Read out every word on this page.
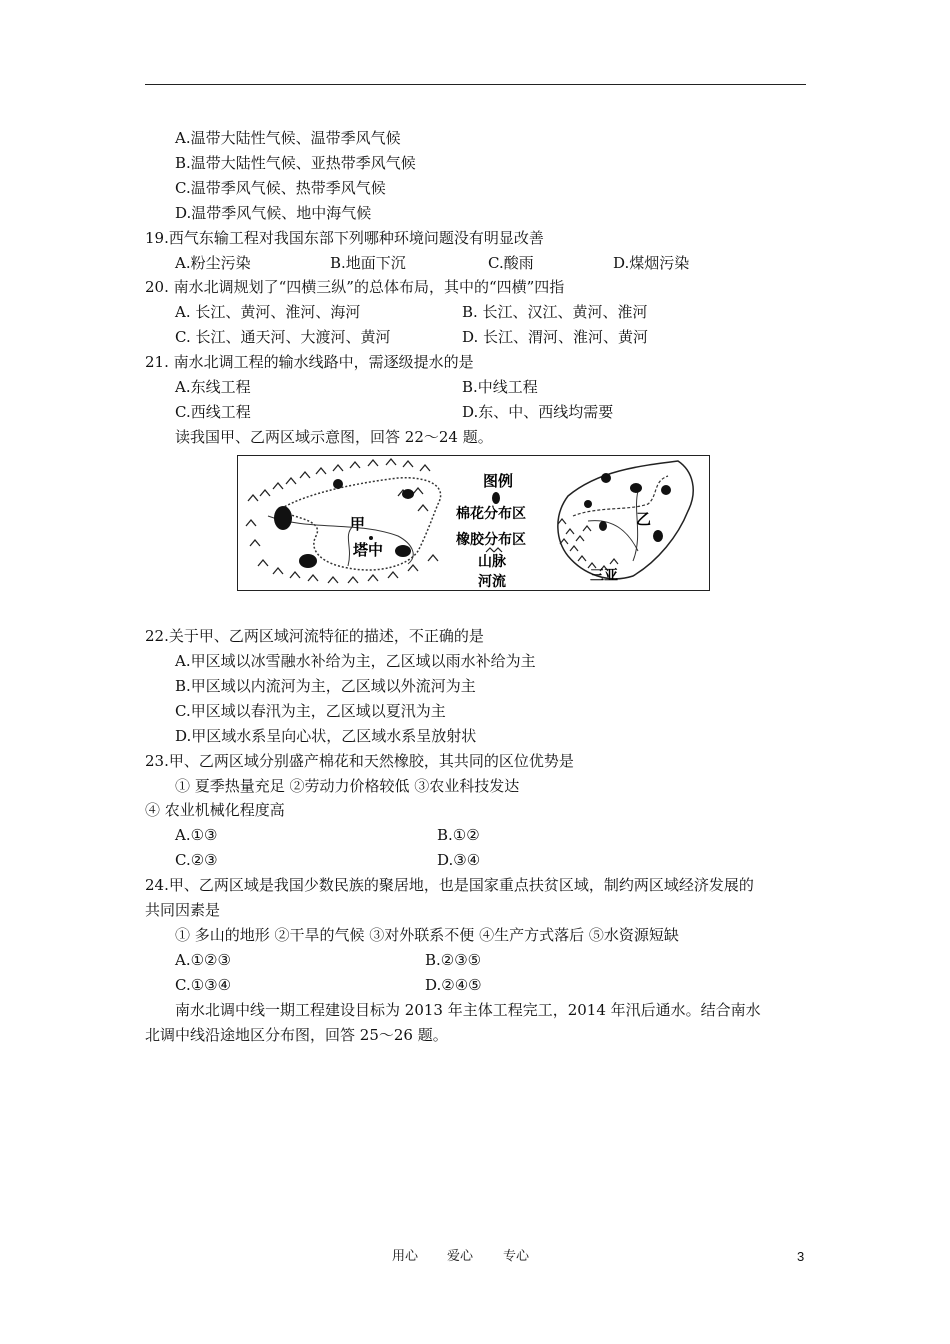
A.温带大陆性气候、温带季风气候
B.温带大陆性气候、亚热带季风气候
C.温带季风气候、热带季风气候
D.温带季风气候、地中海气候
19.西气东输工程对我国东部下列哪种环境问题没有明显改善
A.粉尘污染	B.地面下沉	C.酸雨	D.煤烟污染
20. 南水北调规划了“四横三纵”的总体布局，其中的“四横”四指
A. 长江、黄河、淮河、海河	B. 长江、汉江、黄河、淮河
C. 长江、通天河、大渡河、黄河	D. 长江、渭河、淮河、黄河
21. 南水北调工程的输水线路中，需逐级提水的是
A.东线工程	B.中线工程
C.西线工程	D.东、中、西线均需要
读我国甲、乙两区域示意图，回答 22～24 题。
甲
塔中
图例
棉花分布区
橡胶分布区
山脉
河流
乙
三亚
22.关于甲、乙两区域河流特征的描述，不正确的是
A.甲区域以冰雪融水补给为主，乙区域以雨水补给为主
B.甲区域以内流河为主，乙区域以外流河为主
C.甲区域以春汛为主，乙区域以夏汛为主
D.甲区域水系呈向心状，乙区域水系呈放射状
23.甲、乙两区域分别盛产棉花和天然橡胶，其共同的区位优势是
① 夏季热量充足 ②劳动力价格较低 ③农业科技发达
④ 农业机械化程度高
A.①③	B.①②
C.②③	D.③④
24.甲、乙两区域是我国少数民族的聚居地，也是国家重点扶贫区域，制约两区域经济发展的
共同因素是
① 多山的地形 ②干旱的气候 ③对外联系不便 ④生产方式落后 ⑤水资源短缺
A.①②③	B.②③⑤
C.①③④	D.②④⑤
南水北调中线一期工程建设目标为 2013 年主体工程完工，2014 年汛后通水。结合南水
北调中线沿途地区分布图，回答 25～26 题。
用心 爱心 专心	3
